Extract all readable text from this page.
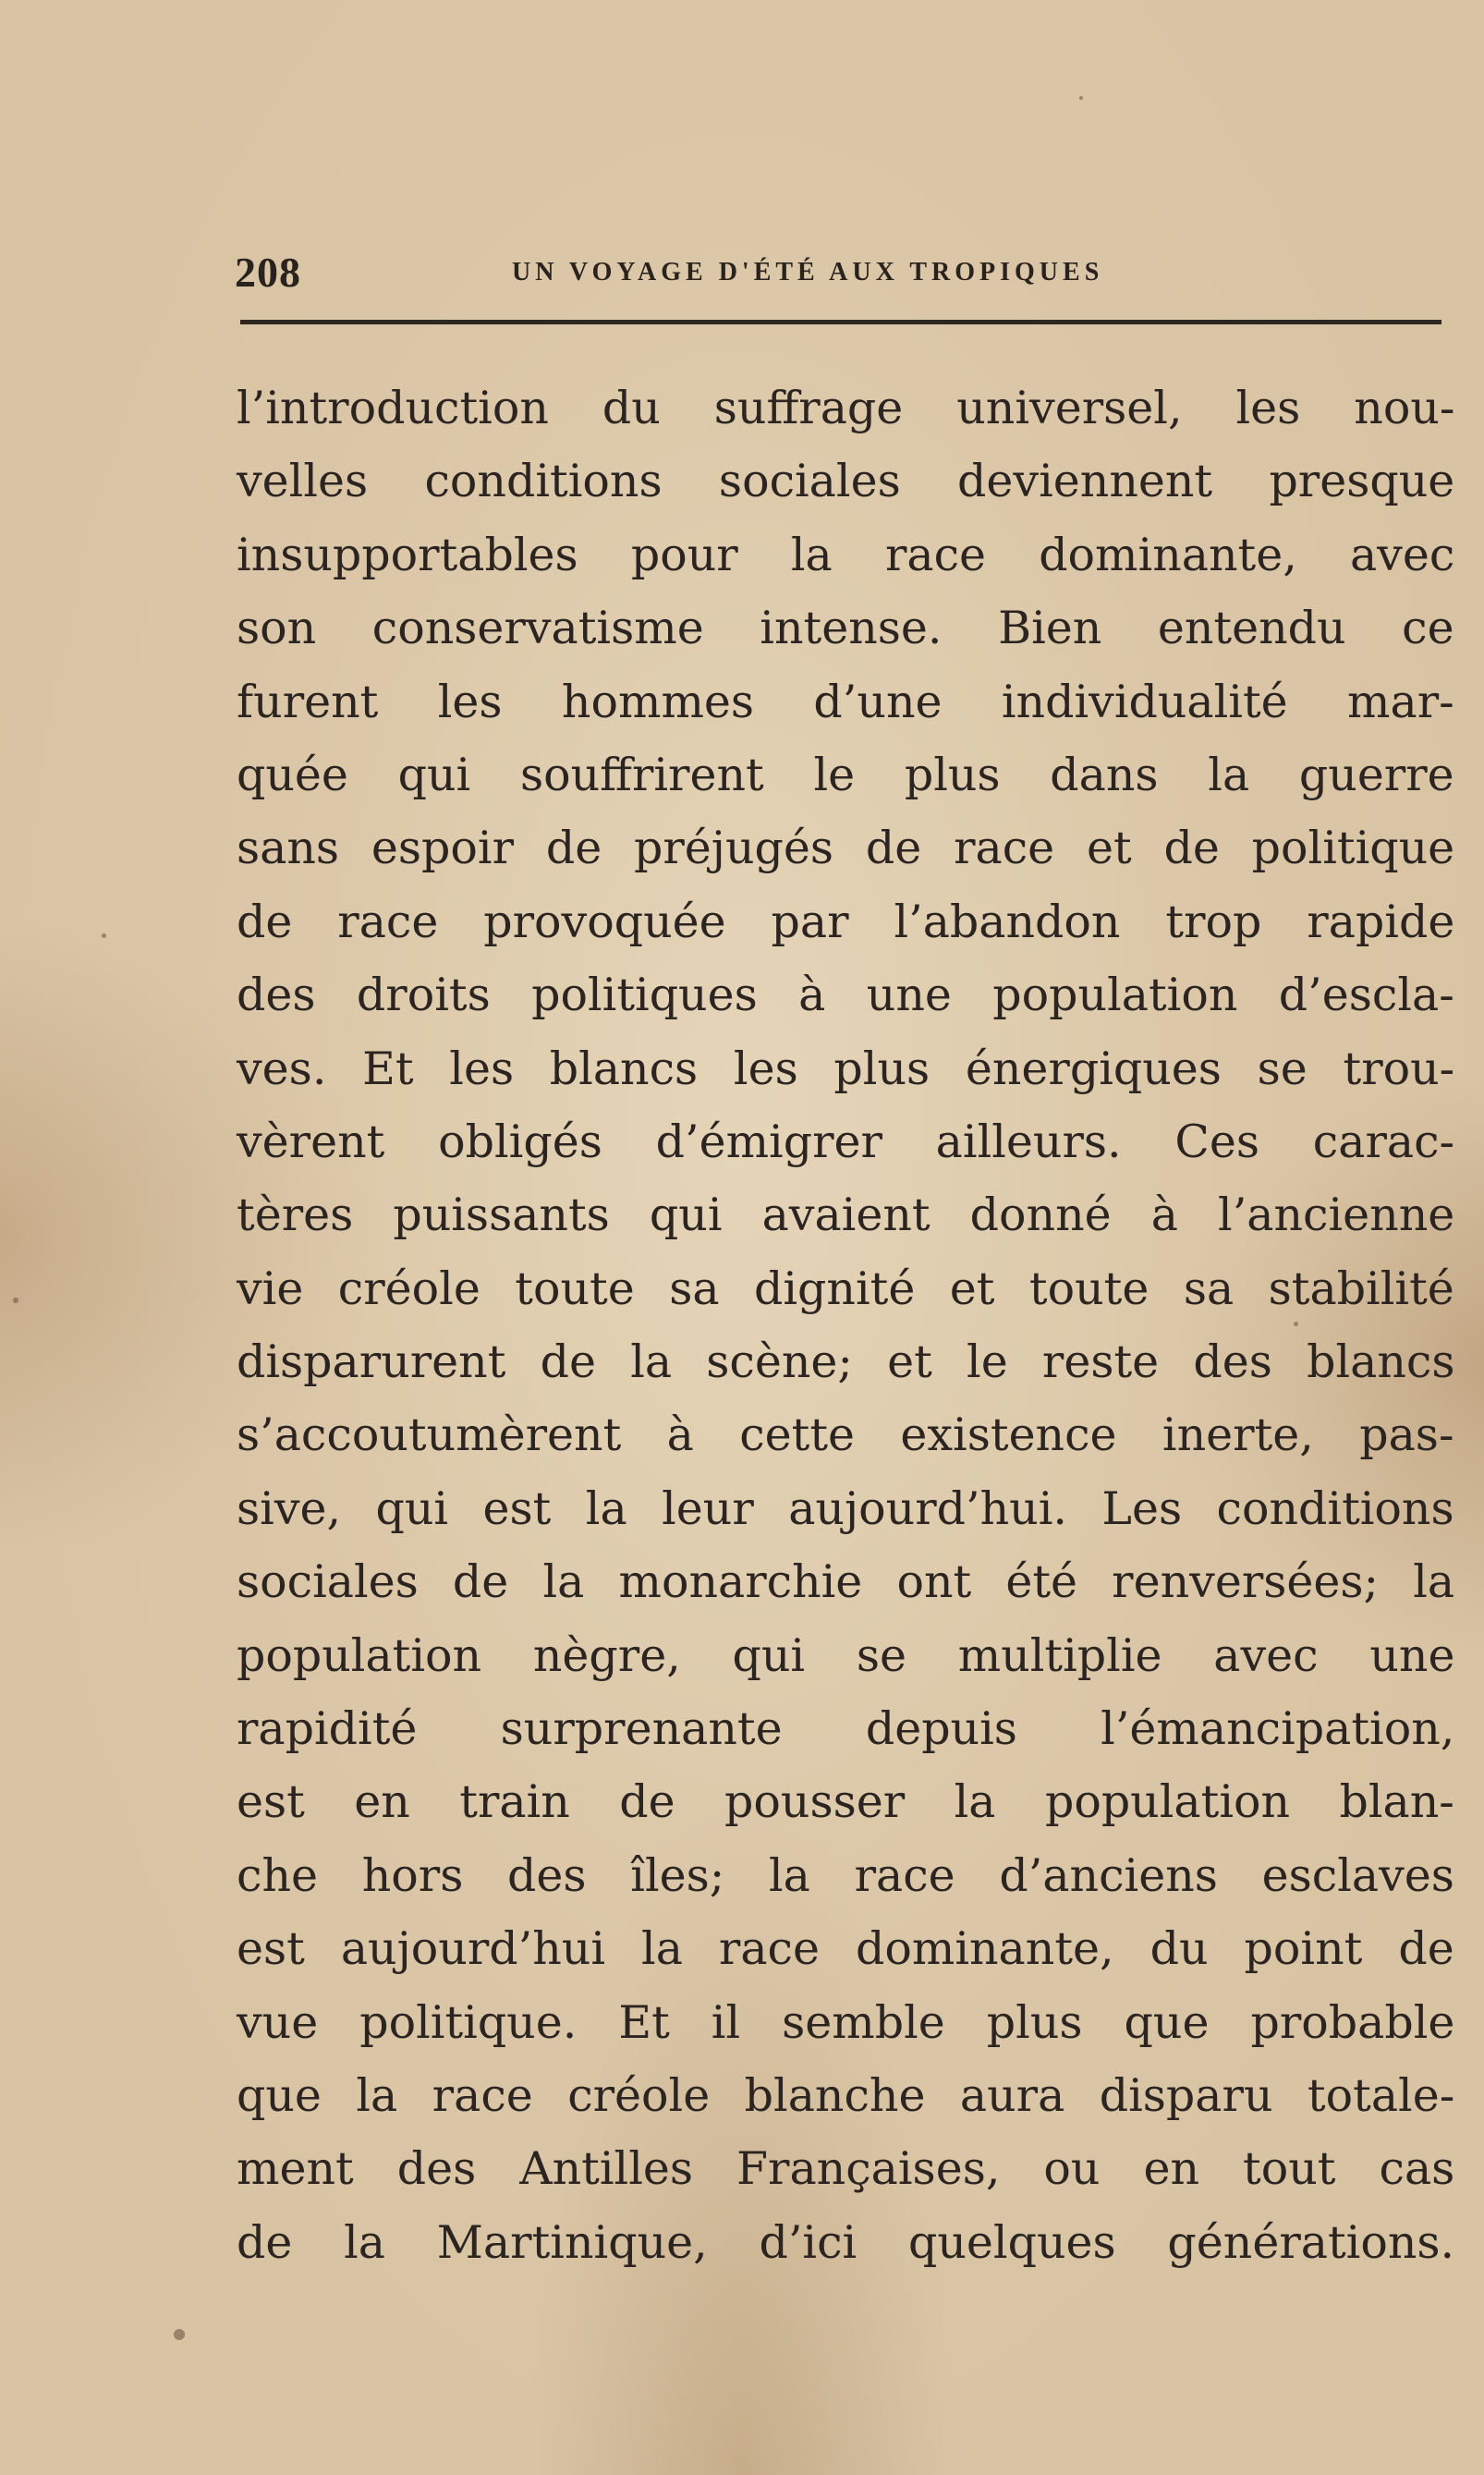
208	UN VOYAGE D'ÉTÉ AUX TROPIQUES
l’introduction du suffrage universel, les nou-
velles conditions sociales deviennent presque
insupportables pour la race dominante, avec
son conservatisme intense. Bien entendu ce
furent les hommes d’une individualité mar-
quée qui souffrirent le plus dans la guerre
sans espoir de préjugés de race et de politique
de race provoquée par l’abandon trop rapide
des droits politiques à une population d’escla-
ves. Et les blancs les plus énergiques se trou-
vèrent obligés d’émigrer ailleurs. Ces carac-
tères puissants qui avaient donné à l’ancienne
vie créole toute sa dignité et toute sa stabilité
disparurent de la scène; et le reste des blancs
s’accoutumèrent à cette existence inerte, pas-
sive, qui est la leur aujourd’hui. Les conditions
sociales de la monarchie ont été renversées; la
population nègre, qui se multiplie avec une
rapidité surprenante depuis l’émancipation,
est en train de pousser la population blan-
che hors des îles; la race d’anciens esclaves
est aujourd’hui la race dominante, du point de
vue politique. Et il semble plus que probable
que la race créole blanche aura disparu totale-
ment des Antilles Françaises, ou en tout cas
de la Martinique, d’ici quelques générations.
